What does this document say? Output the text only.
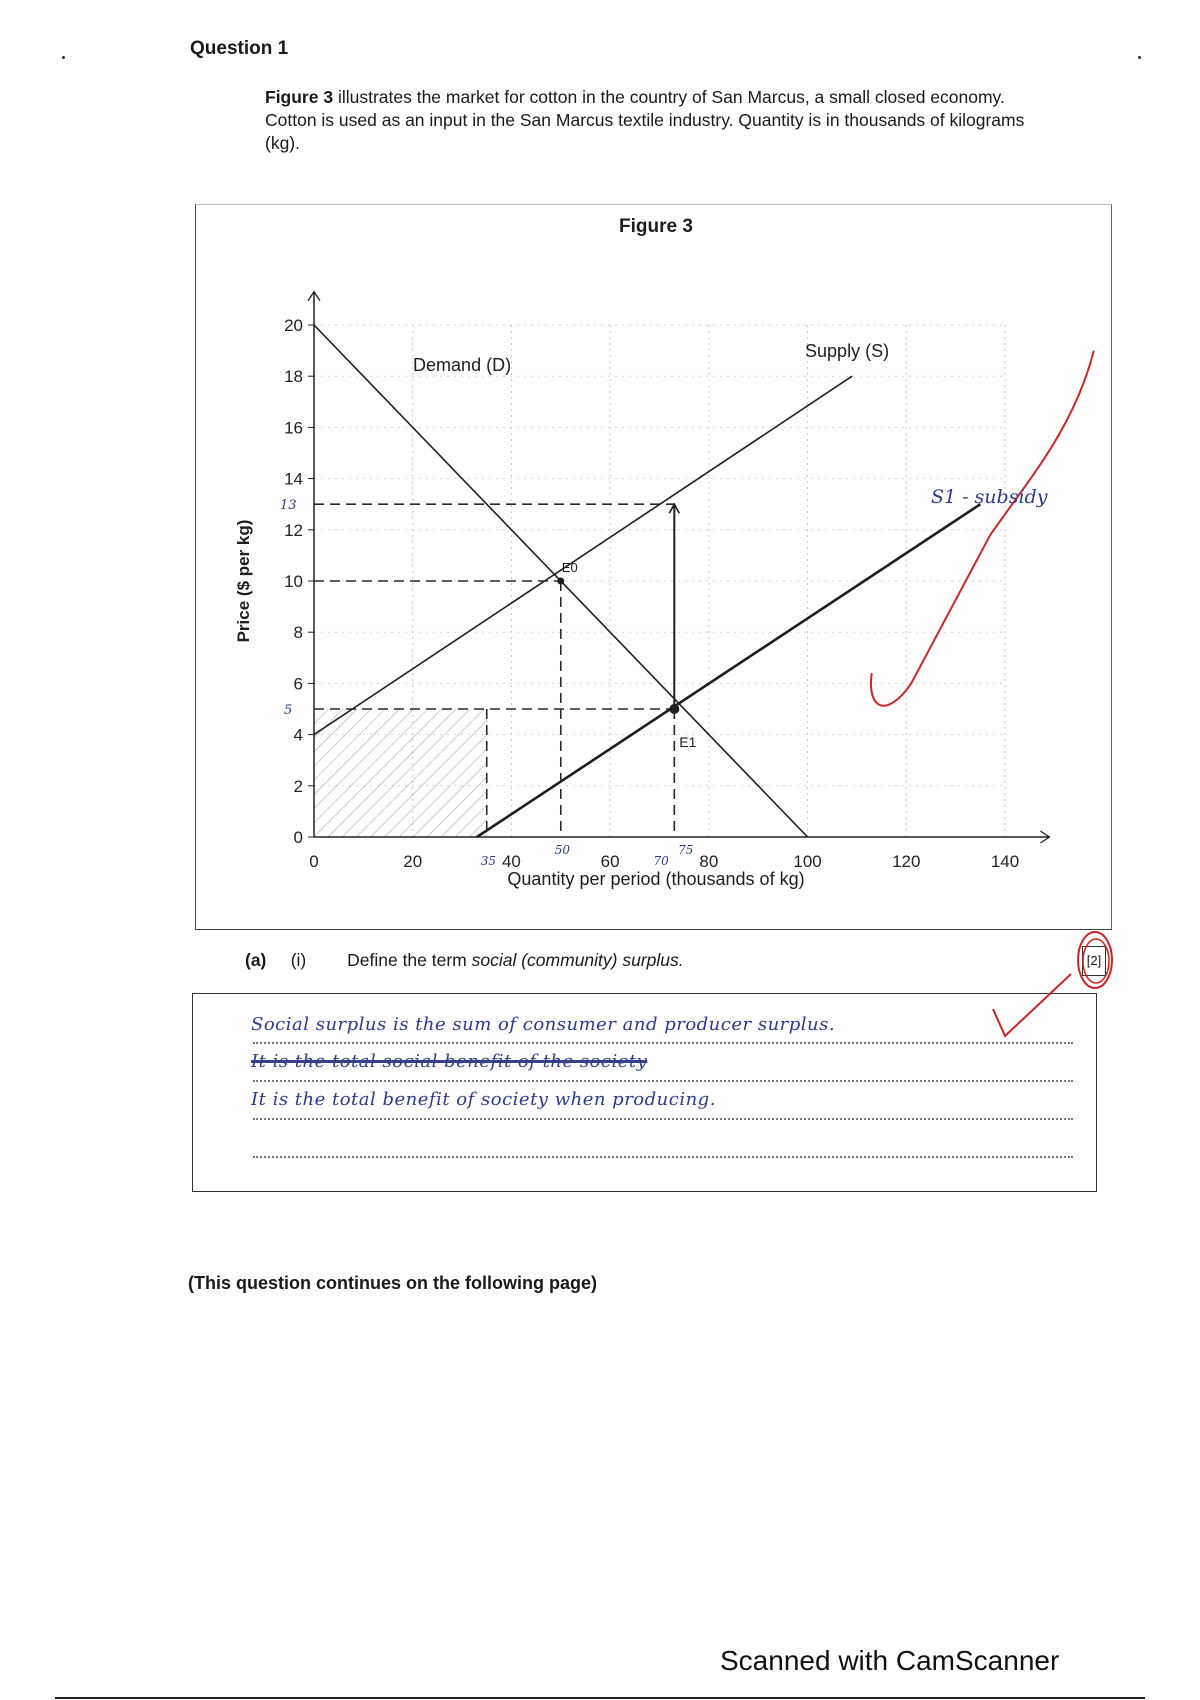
Question 1
Figure 3 illustrates the market for cotton in the country of San Marcus, a small closed economy. Cotton is used as an input in the San Marcus textile industry. Quantity is in thousands of kilograms (kg).
0
2
4
6
8
10
12
14
16
18
20
0	20	40	60	80	100	120	140
Figure 3
Demand (D)
Supply (S)
S1 - subsidy
Quantity per period (thousands of kg)
Price ($ per kg)
13
5
35
50
70
75
E0
E1
(a) (i) Define the term social (community) surplus.	[2]
Social surplus is the sum of consumer and producer surplus.
It is the total social benefit of the society
It is the total benefit of society when producing.
(This question continues on the following page)
Scanned with CamScanner
